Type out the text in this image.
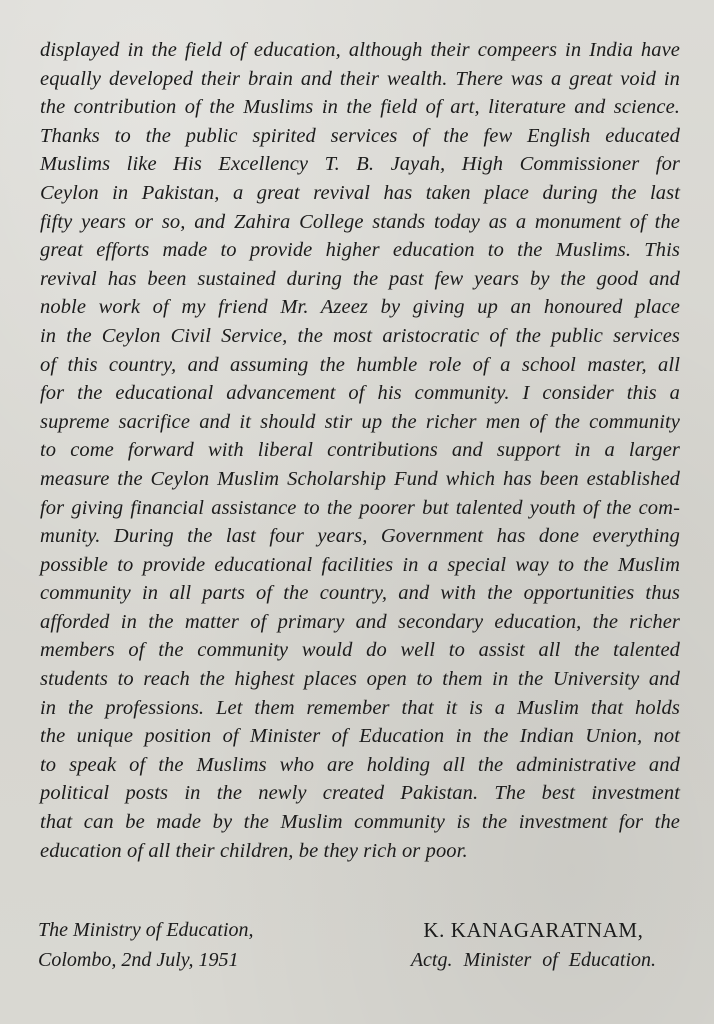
displayed in the field of education, although their compeers in India have
equally developed their brain and their wealth. There was a great void in
the contribution of the Muslims in the field of art, literature and science.
Thanks to the public spirited services of the few English educated
Muslims like His Excellency T. B. Jayah, High Commissioner for
Ceylon in Pakistan, a great revival has taken place during the last
fifty years or so, and Zahira College stands today as a monument of the
great efforts made to provide higher education to the Muslims. This
revival has been sustained during the past few years by the good and
noble work of my friend Mr. Azeez by giving up an honoured place
in the Ceylon Civil Service, the most aristocratic of the public services
of this country, and assuming the humble role of a school master, all
for the educational advancement of his community. I consider this a
supreme sacrifice and it should stir up the richer men of the community
to come forward with liberal contributions and support in a larger
measure the Ceylon Muslim Scholarship Fund which has been established
for giving financial assistance to the poorer but talented youth of the com-
munity. During the last four years, Government has done everything
possible to provide educational facilities in a special way to the Muslim
community in all parts of the country, and with the opportunities thus
afforded in the matter of primary and secondary education, the richer
members of the community would do well to assist all the talented
students to reach the highest places open to them in the University and
in the professions. Let them remember that it is a Muslim that holds
the unique position of Minister of Education in the Indian Union, not
to speak of the Muslims who are holding all the administrative and
political posts in the newly created Pakistan. The best investment
that can be made by the Muslim community is the investment for the
education of all their children, be they rich or poor.
The Ministry of Education,
Colombo, 2nd July, 1951
K. KANAGARATNAM,
Actg. Minister of Education.
